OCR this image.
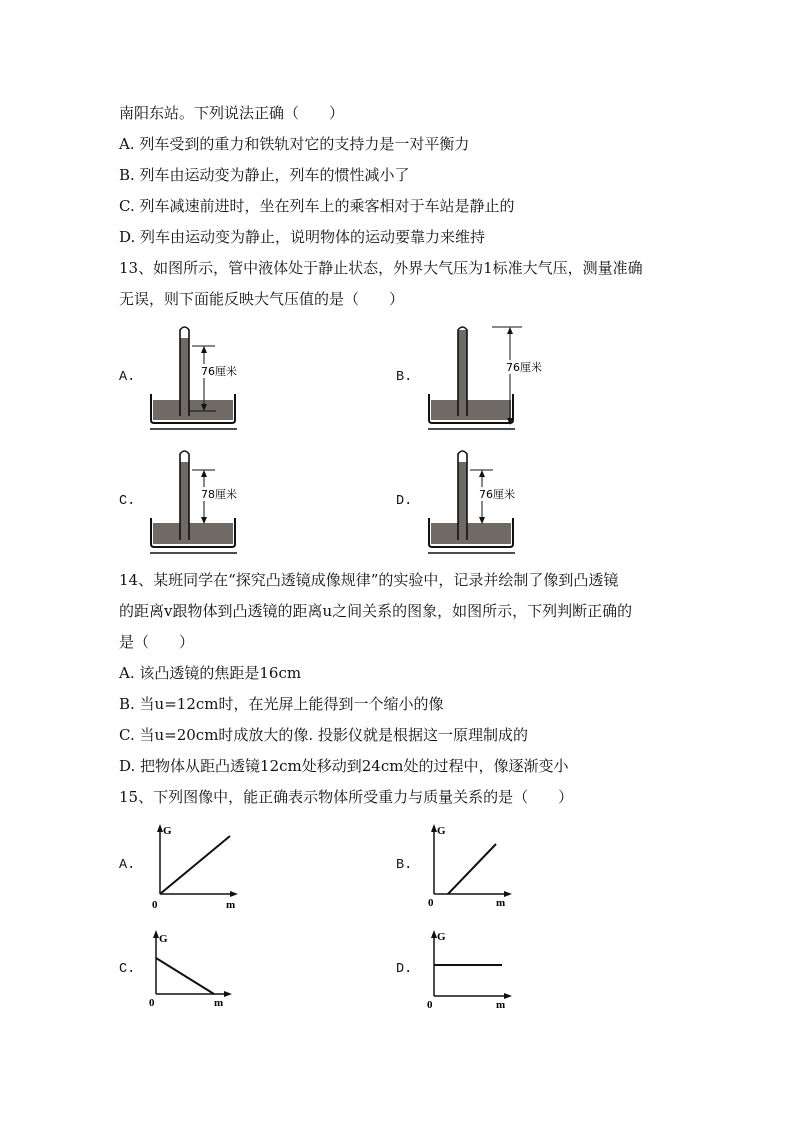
南阳东站。下列说法正确（　　）
A. 列车受到的重力和铁轨对它的支持力是一对平衡力
B. 列车由运动变为静止，列车的惯性减小了
C. 列车减速前进时，坐在列车上的乘客相对于车站是静止的
D. 列车由运动变为静止，说明物体的运动要靠力来维持
13、如图所示，管中液体处于静止状态，外界大气压为1标准大气压，测量准确
无误，则下面能反映大气压值的是（　　）
A.	76厘米	B.
76厘米
C.	78厘米	D.	76厘米
14、某班同学在“探究凸透镜成像规律”的实验中，记录并绘制了像到凸透镜
的距离v跟物体到凸透镜的距离u之间关系的图象，如图所示，下列判断正确的
是（　　）
A. 该凸透镜的焦距是16cm
B. 当u=12cm时，在光屏上能得到一个缩小的像
C. 当u=20cm时成放大的像. 投影仪就是根据这一原理制成的
D. 把物体从距凸透镜12cm处移动到24cm处的过程中，像逐渐变小
15、下列图像中，能正确表示物体所受重力与质量关系的是（　　）
A.
G
m
0
B.
G
m
0
C.
G
m
0
D.
G
m
0
